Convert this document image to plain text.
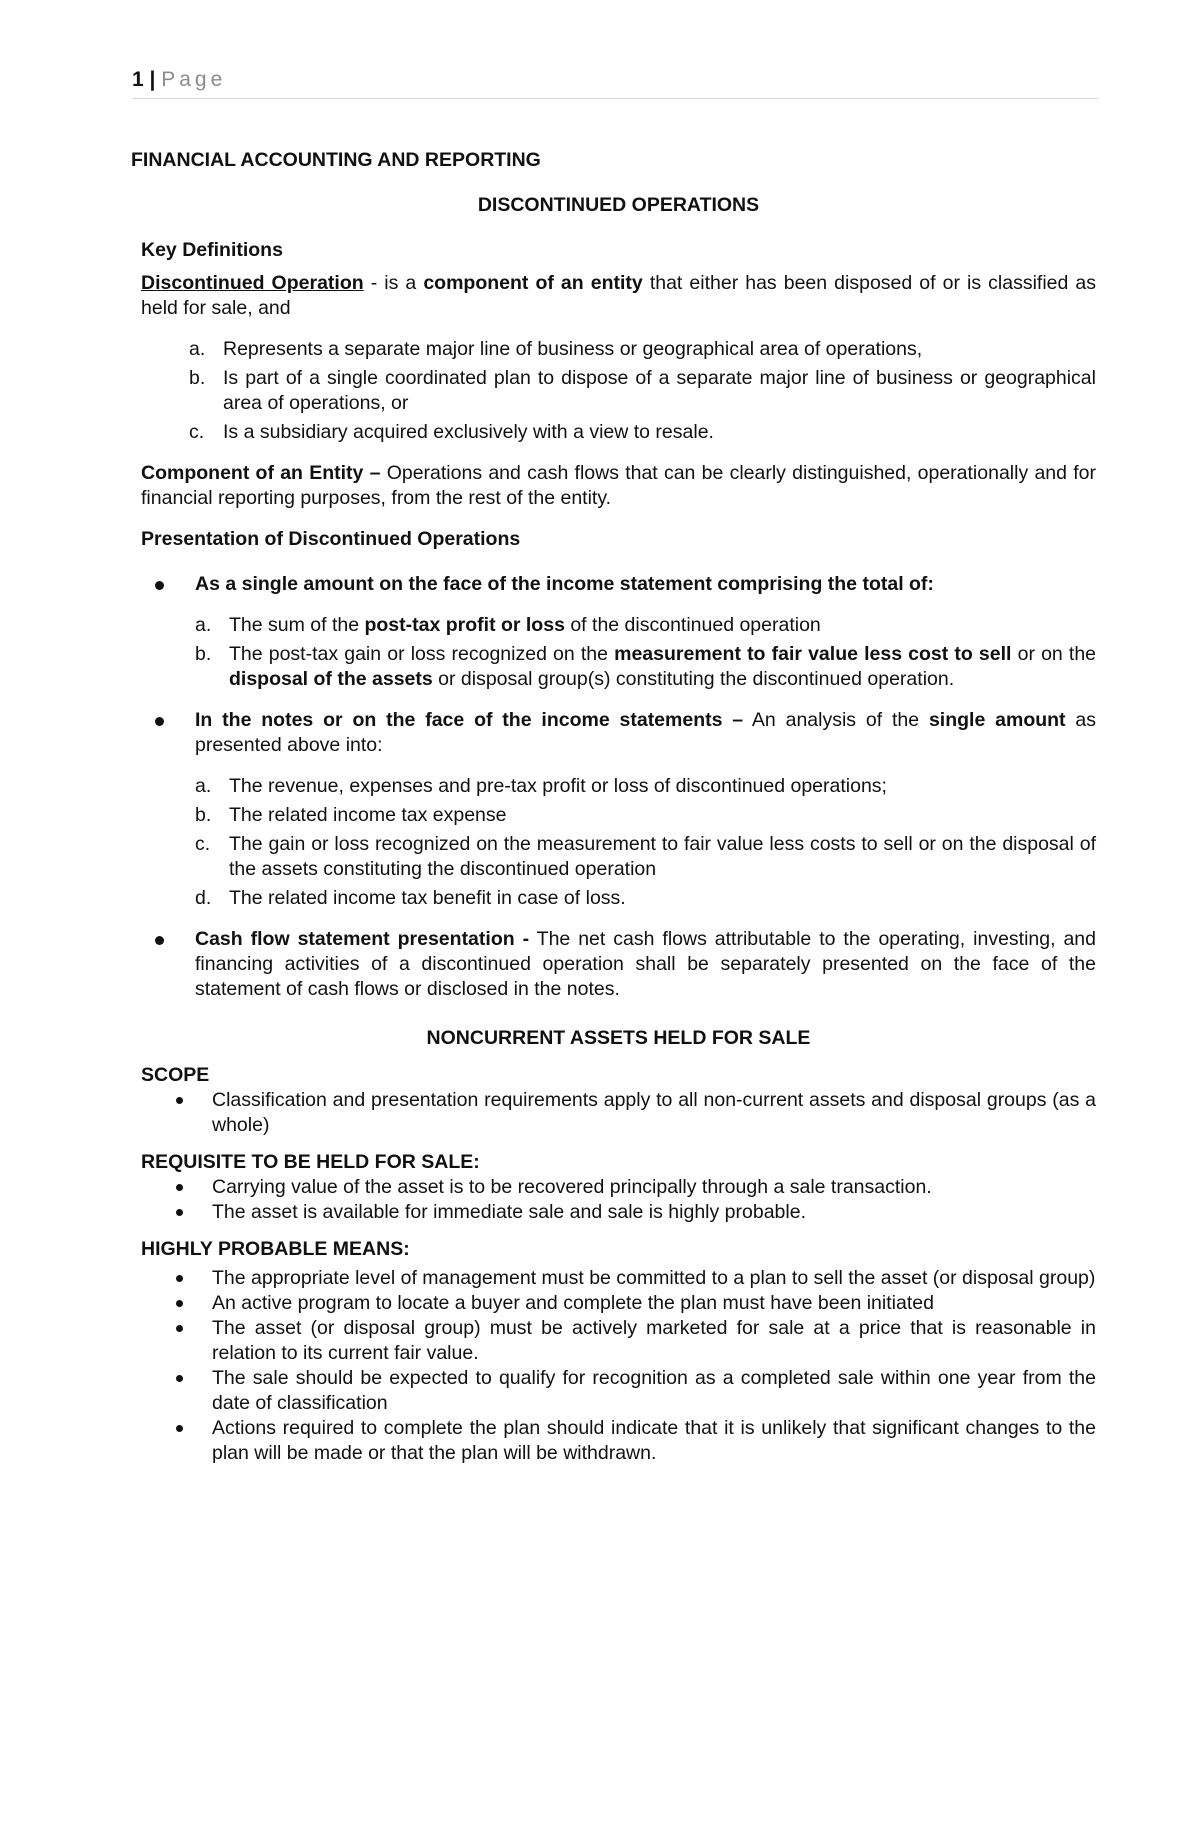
1 | Page

FINANCIAL ACCOUNTING AND REPORTING

DISCONTINUED OPERATIONS

Key Definitions

Discontinued Operation - is a component of an entity that either has been disposed of or is classified as held for sale, and

a. Represents a separate major line of business or geographical area of operations,
b. Is part of a single coordinated plan to dispose of a separate major line of business or geographical area of operations, or
c. Is a subsidiary acquired exclusively with a view to resale.

Component of an Entity – Operations and cash flows that can be clearly distinguished, operationally and for financial reporting purposes, from the rest of the entity.

Presentation of Discontinued Operations

As a single amount on the face of the income statement comprising the total of:
a. The sum of the post-tax profit or loss of the discontinued operation
b. The post-tax gain or loss recognized on the measurement to fair value less cost to sell or on the disposal of the assets or disposal group(s) constituting the discontinued operation.
In the notes or on the face of the income statements – An analysis of the single amount as presented above into:
a. The revenue, expenses and pre-tax profit or loss of discontinued operations;
b. The related income tax expense
c. The gain or loss recognized on the measurement to fair value less costs to sell or on the disposal of the assets constituting the discontinued operation
d. The related income tax benefit in case of loss.
Cash flow statement presentation - The net cash flows attributable to the operating, investing, and financing activities of a discontinued operation shall be separately presented on the face of the statement of cash flows or disclosed in the notes.

NONCURRENT ASSETS HELD FOR SALE

SCOPE

Classification and presentation requirements apply to all non-current assets and disposal groups (as a whole)

REQUISITE TO BE HELD FOR SALE:

Carrying value of the asset is to be recovered principally through a sale transaction.
The asset is available for immediate sale and sale is highly probable.

HIGHLY PROBABLE MEANS:

The appropriate level of management must be committed to a plan to sell the asset (or disposal group)
An active program to locate a buyer and complete the plan must have been initiated
The asset (or disposal group) must be actively marketed for sale at a price that is reasonable in relation to its current fair value.
The sale should be expected to qualify for recognition as a completed sale within one year from the date of classification
Actions required to complete the plan should indicate that it is unlikely that significant changes to the plan will be made or that the plan will be withdrawn.
